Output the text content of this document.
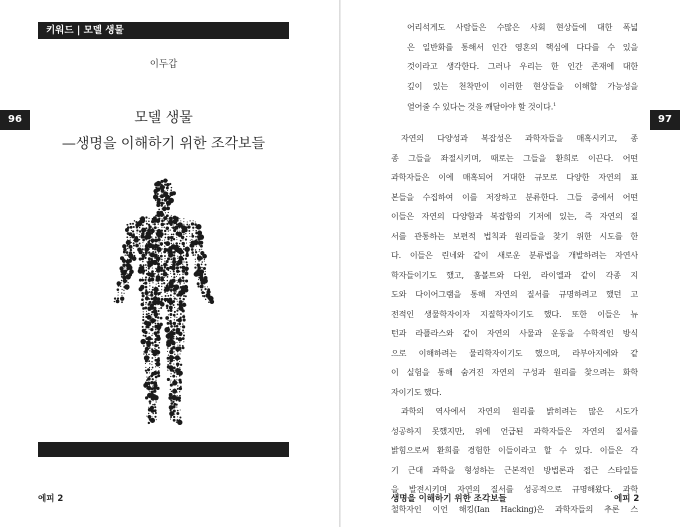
키워드 | 모델 생물
이두갑
모델 생물
—생명을 이해하기 위한 조각보들
96
에피 2
97

어리석게도 사람들은 수많은 사회 현상들에 대한 폭넓
은 일반화를 통해서 인간 영혼의 핵심에 다다를 수 있을
것이라고 생각한다. 그러나 우리는 한 인간 존재에 대한
깊이 있는 천착만이 이러한 현상들을 이해할 가능성을
열어줄 수 있다는 것을 깨달아야 할 것이다.$^1$

자연의 다양성과 복잡성은 과학자들을 매혹시키고, 종
종 그들을 좌절시키며, 때로는 그들을 환희로 이끈다. 어떤
과학자들은 이에 매혹되어 거대한 규모로 다양한 자연의 표
본들을 수집하여 이를 저장하고 분류한다. 그들 중에서 어떤
이들은 자연의 다양함과 복잡함의 기저에 있는, 즉 자연의 질
서를 관통하는 보편적 법칙과 원리들을 찾기 위한 시도를 한
다. 이들은 린네와 같이 새로운 분류법을 개발하려는 자연사
학자들이기도 했고, 훔볼트와 다윈, 라이엘과 같이 각종 지
도와 다이어그램을 통해 자연의 질서를 규명하려고 했던 고
전적인 생물학자이자 지질학자이기도 했다. 또한 이들은 뉴
턴과 라플라스와 같이 자연의 사물과 운동을 수학적인 방식
으로 이해하려는 물리학자이기도 했으며, 라부아지에와 같
이 실험을 통해 숨겨진 자연의 구성과 원리를 찾으려는 화학
자이기도 했다.

과학의 역사에서 자연의 원리를 밝히려는 많은 시도가
성공하지 못했지만, 위에 언급된 과학자들은 자연의 질서를
밝힘으로써 환희를 경험한 이들이라고 할 수 있다. 이들은 각
기 근대 과학을 형성하는 근본적인 방법론과 접근 스타일들
을 발전시키며 자연의 질서를 성공적으로 규명해왔다. 과학
철학자인 이언 해킹(Ian Hacking)은 과학자들의 추론 스

생명을 이해하기 위한 조각보들	에피 2
